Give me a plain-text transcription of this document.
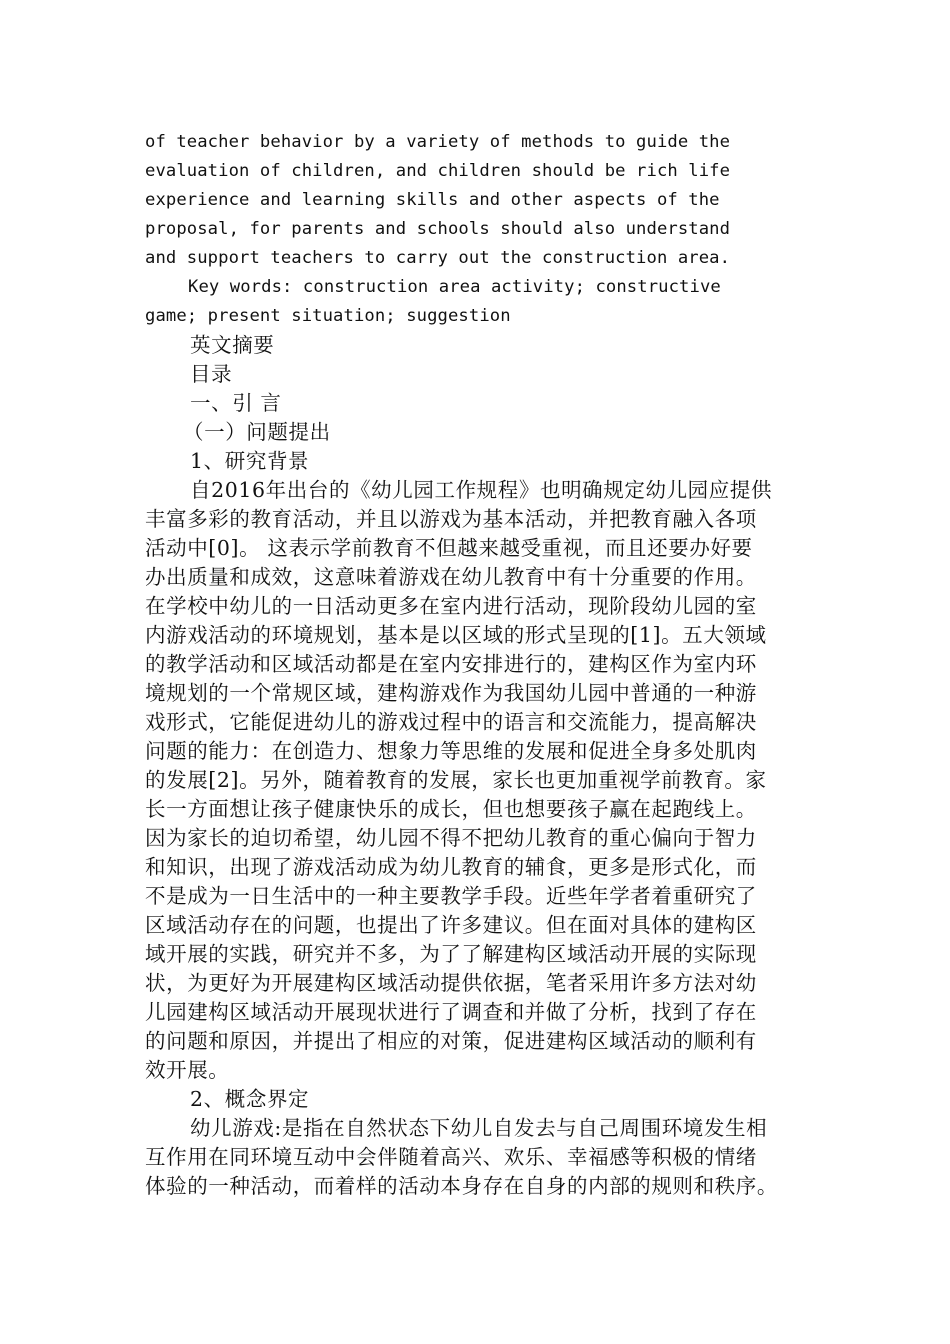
of teacher behavior by a variety of methods to guide the
evaluation of children, and children should be rich life
experience and learning skills and other aspects of the
proposal, for parents and schools should also understand
and support teachers to carry out the construction area.
Key words: construction area activity; constructive
game; present situation; suggestion
英文摘要
目录
一、引 言
（一）问题提出
1、研究背景
自2016年出台的《幼儿园工作规程》也明确规定幼儿园应提供
丰富多彩的教育活动，并且以游戏为基本活动，并把教育融入各项
活动中[0]。 这表示学前教育不但越来越受重视，而且还要办好要
办出质量和成效，这意味着游戏在幼儿教育中有十分重要的作用。
在学校中幼儿的一日活动更多在室内进行活动，现阶段幼儿园的室
内游戏活动的环境规划，基本是以区域的形式呈现的[1]。五大领域
的教学活动和区域活动都是在室内安排进行的，建构区作为室内环
境规划的一个常规区域，建构游戏作为我国幼儿园中普通的一种游
戏形式，它能促进幼儿的游戏过程中的语言和交流能力，提高解决
问题的能力：在创造力、想象力等思维的发展和促进全身多处肌肉
的发展[2]。另外，随着教育的发展，家长也更加重视学前教育。家
长一方面想让孩子健康快乐的成长，但也想要孩子赢在起跑线上。
因为家长的迫切希望，幼儿园不得不把幼儿教育的重心偏向于智力
和知识，出现了游戏活动成为幼儿教育的辅食，更多是形式化，而
不是成为一日生活中的一种主要教学手段。近些年学者着重研究了
区域活动存在的问题，也提出了许多建议。但在面对具体的建构区
域开展的实践，研究并不多，为了了解建构区域活动开展的实际现
状，为更好为开展建构区域活动提供依据，笔者采用许多方法对幼
儿园建构区域活动开展现状进行了调查和并做了分析，找到了存在
的问题和原因，并提出了相应的对策，促进建构区域活动的顺利有
效开展。
2、概念界定
幼儿游戏:是指在自然状态下幼儿自发去与自己周围环境发生相
互作用在同环境互动中会伴随着高兴、欢乐、幸福感等积极的情绪
体验的一种活动，而着样的活动本身存在自身的内部的规则和秩序。
